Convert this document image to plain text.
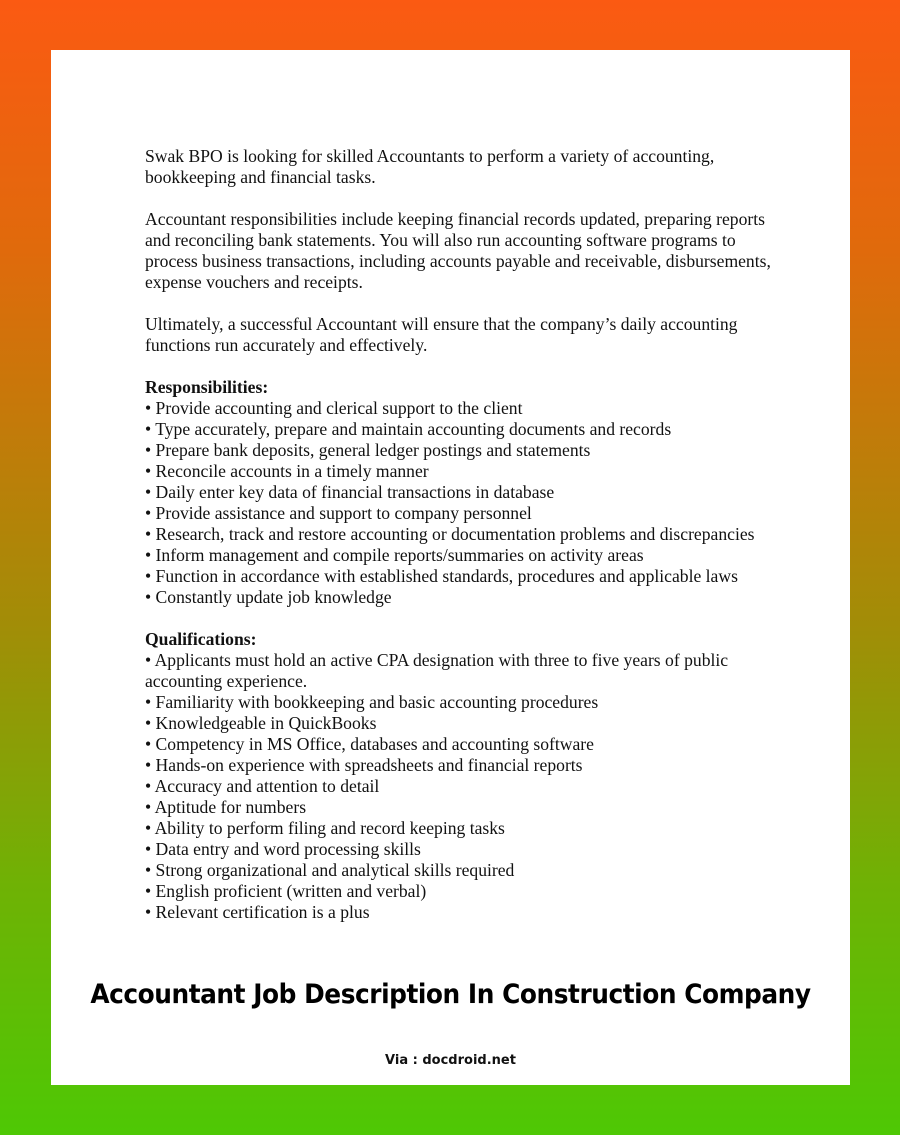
Swak BPO is looking for skilled Accountants to perform a variety of accounting, bookkeeping and financial tasks.

Accountant responsibilities include keeping financial records updated, preparing reports and reconciling bank statements. You will also run accounting software programs to process business transactions, including accounts payable and receivable, disbursements, expense vouchers and receipts.

Ultimately, a successful Accountant will ensure that the company’s daily accounting functions run accurately and effectively.

Responsibilities:

• Provide accounting and clerical support to the client
• Type accurately, prepare and maintain accounting documents and records
• Prepare bank deposits, general ledger postings and statements
• Reconcile accounts in a timely manner
• Daily enter key data of financial transactions in database
• Provide assistance and support to company personnel
• Research, track and restore accounting or documentation problems and discrepancies
• Inform management and compile reports/summaries on activity areas
• Function in accordance with established standards, procedures and applicable laws
• Constantly update job knowledge

Qualifications:

• Applicants must hold an active CPA designation with three to five years of public accounting experience.
• Familiarity with bookkeeping and basic accounting procedures
• Knowledgeable in QuickBooks
• Competency in MS Office, databases and accounting software
• Hands-on experience with spreadsheets and financial reports
• Accuracy and attention to detail
• Aptitude for numbers
• Ability to perform filing and record keeping tasks
• Data entry and word processing skills
• Strong organizational and analytical skills required
• English proficient (written and verbal)
• Relevant certification is a plus
Accountant Job Description In Construction Company

Via : docdroid.net
